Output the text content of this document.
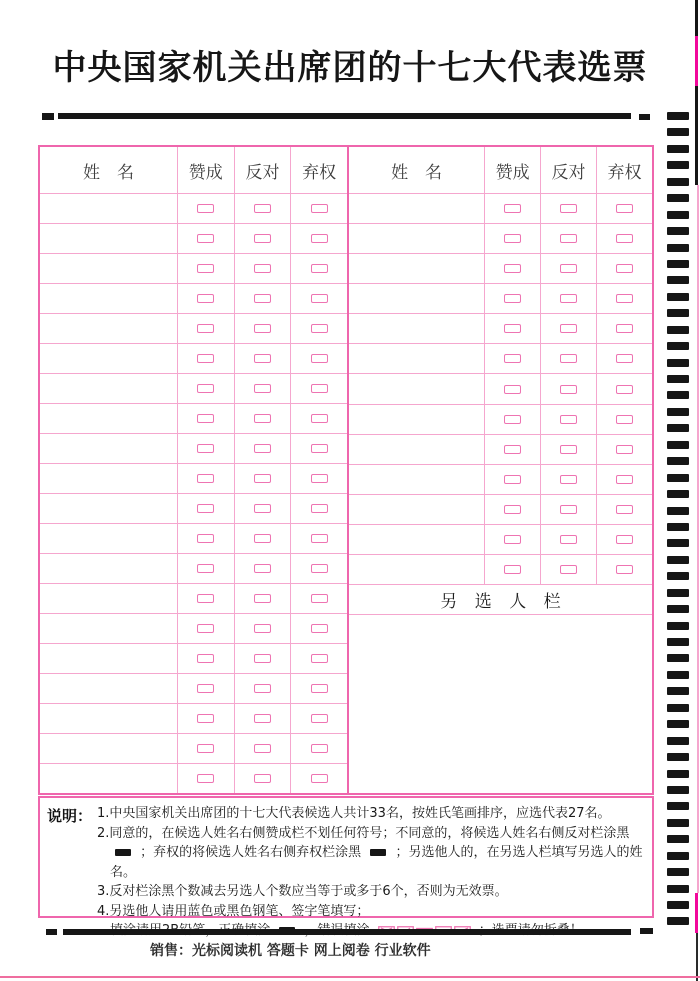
中央国家机关出席团的十七大代表选票
姓　名	赞成	反对	弃权	姓　名	赞成	反对	弃权
另 选 人 栏
说明： 1.中央国家机关出席团的十七大代表候选人共计33名，按姓氏笔画排序，应选代表27名。

2.同意的，在候选人姓名右侧赞成栏不划任何符号；不同意的，将候选人姓名右侧反对栏涂黑  ；弃权的将候选人姓名右侧弃权栏涂黑	；另选他人的，在另选人栏填写另选人的姓名。

3.反对栏涂黑个数减去另选人个数应当等于或多于6个，否则为无效票。

4.另选他人请用蓝色或黑色钢笔、签字笔填写；

销售：光标阅读机 答题卡 网上阅卷 行业软件
